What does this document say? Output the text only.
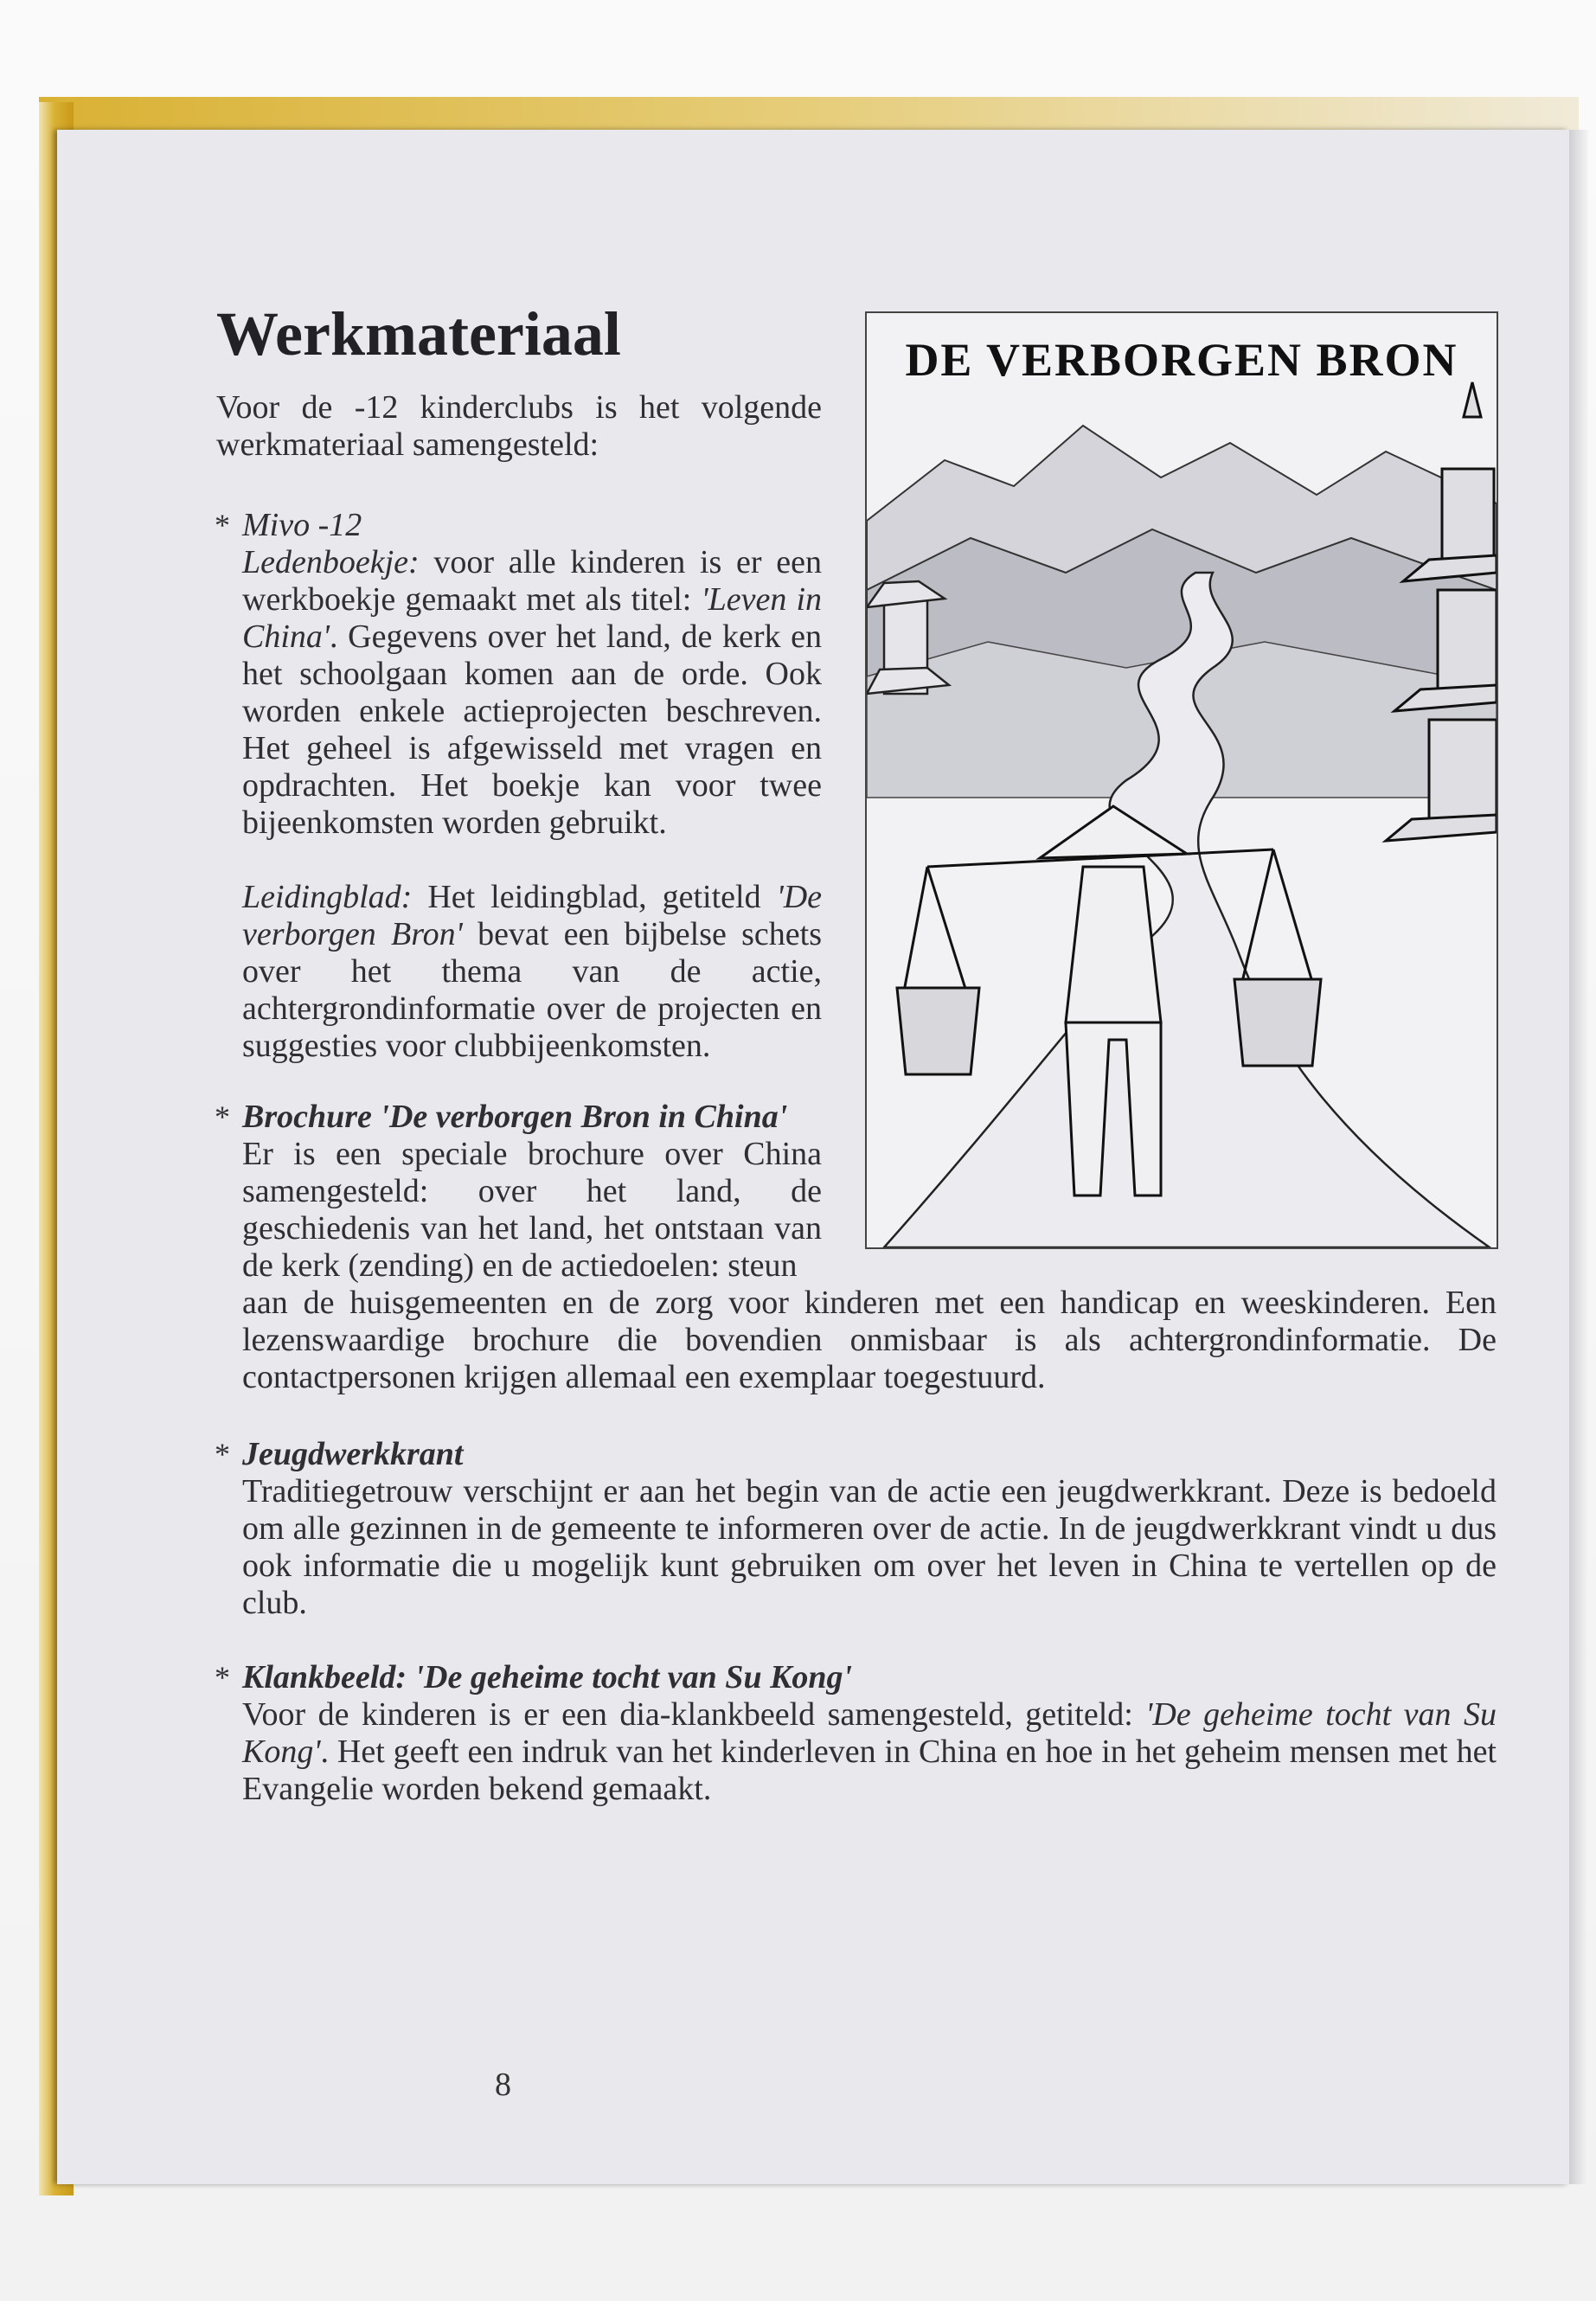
Werkmateriaal

Voor de -12 kinderclubs is het volgende werkmateriaal samengesteld:

* Mivo -12

Ledenboekje: voor alle kinderen is er een werkboekje gemaakt met als titel: 'Leven in China'. Gegevens over het land, de kerk en het schoolgaan komen aan de orde. Ook worden enkele actieprojecten beschreven. Het geheel is afgewisseld met vragen en opdrachten. Het boekje kan voor twee bijeenkomsten worden gebruikt.

Leidingblad: Het leidingblad, getiteld 'De verborgen Bron' bevat een bijbelse schets over het thema van de actie, achtergrondinformatie over de projecten en suggesties voor clubbijeenkomsten.

* Brochure 'De verborgen Bron in China'

Er is een speciale brochure over China samengesteld: over het land, de geschiedenis van het land, het ontstaan van de kerk (zending) en de actiedoelen: steun

aan de huisgemeenten en de zorg voor kinderen met een handicap en weeskinderen. Een lezenswaardige brochure die bovendien onmisbaar is als achtergrondinformatie. De contactpersonen krijgen allemaal een exemplaar toegestuurd.

* Jeugdwerkkrant

Traditiegetrouw verschijnt er aan het begin van de actie een jeugdwerkkrant. Deze is bedoeld om alle gezinnen in de gemeente te informeren over de actie. In de jeugdwerkkrant vindt u dus ook informatie die u mogelijk kunt gebruiken om over het leven in China te vertellen op de club.

* Klankbeeld: 'De geheime tocht van Su Kong'

Voor de kinderen is er een dia-klankbeeld samengesteld, getiteld: 'De geheime tocht van Su Kong'. Het geeft een indruk van het kinderleven in China en hoe in het geheim mensen met het Evangelie worden bekend gemaakt.

DE VERBORGEN BRON
8
